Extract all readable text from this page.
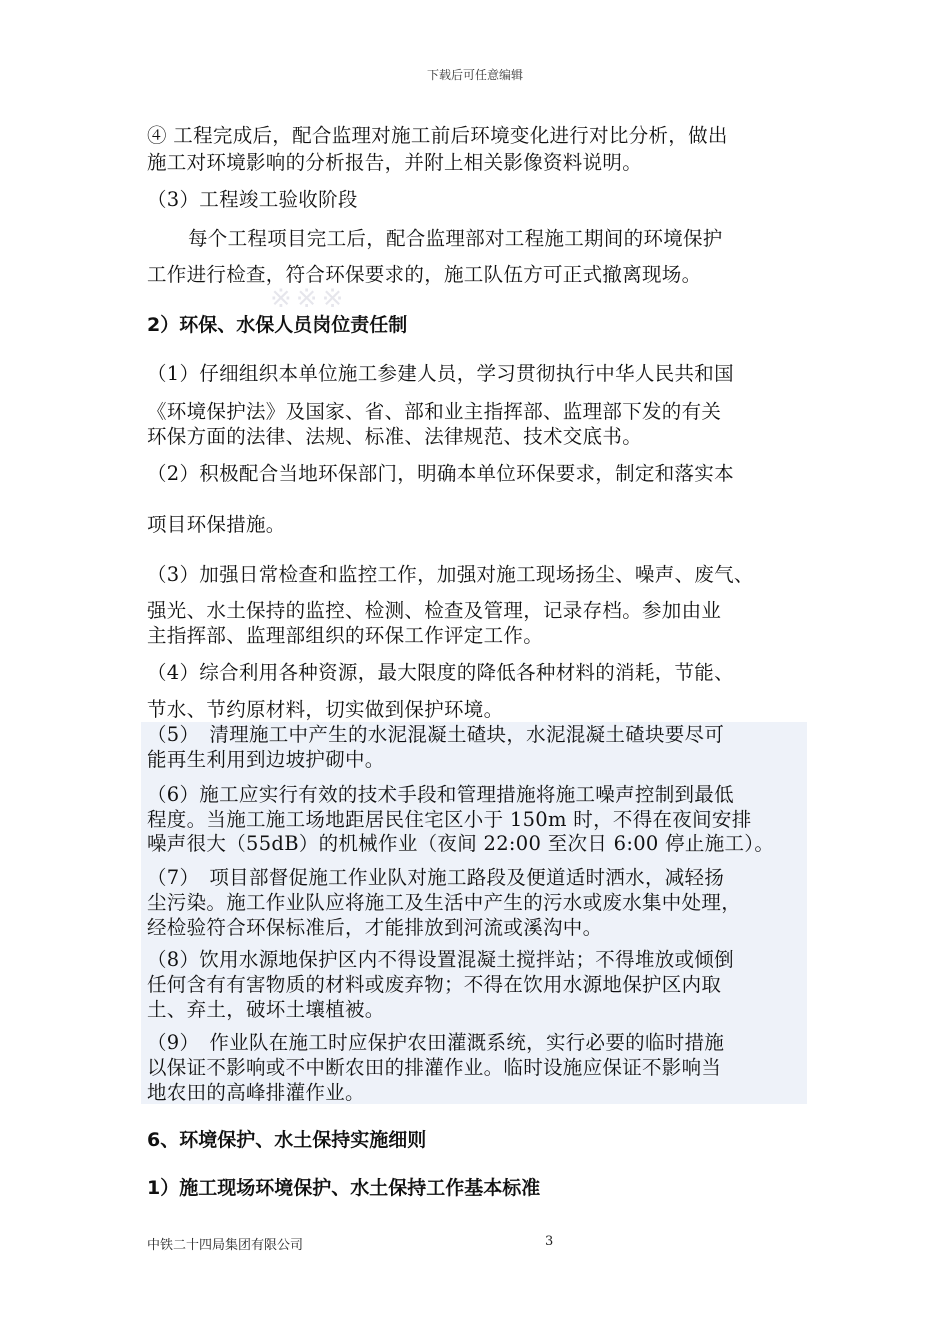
下载后可任意编辑
※※※
④ 工程完成后，配合监理对施工前后环境变化进行对比分析，做出
施工对环境影响的分析报告，并附上相关影像资料说明。
（3）工程竣工验收阶段
每个工程项目完工后，配合监理部对工程施工期间的环境保护
工作进行检查，符合环保要求的，施工队伍方可正式撤离现场。
2）环保、水保人员岗位责任制
（1）仔细组织本单位施工参建人员，学习贯彻执行中华人民共和国
《环境保护法》及国家、省、部和业主指挥部、监理部下发的有关
环保方面的法律、法规、标准、法律规范、技术交底书。
（2）积极配合当地环保部门，明确本单位环保要求，制定和落实本
项目环保措施。
（3）加强日常检查和监控工作，加强对施工现场扬尘、噪声、废气、
强光、水土保持的监控、检测、检查及管理，记录存档。参加由业
主指挥部、监理部组织的环保工作评定工作。
（4）综合利用各种资源，最大限度的降低各种材料的消耗，节能、
节水、节约原材料，切实做到保护环境。
（5）　清理施工中产生的水泥混凝土碴块，水泥混凝土碴块要尽可
能再生利用到边坡护砌中。
（6）施工应实行有效的技术手段和管理措施将施工噪声控制到最低
程度。当施工施工场地距居民住宅区小于 150m 时，不得在夜间安排
噪声很大（55dB）的机械作业（夜间 22:00 至次日 6:00 停止施工）。
（7）　项目部督促施工作业队对施工路段及便道适时洒水，减轻扬
尘污染。施工作业队应将施工及生活中产生的污水或废水集中处理，
经检验符合环保标准后，才能排放到河流或溪沟中。
（8）饮用水源地保护区内不得设置混凝土搅拌站；不得堆放或倾倒
任何含有有害物质的材料或废弃物；不得在饮用水源地保护区内取
土、弃土，破坏土壤植被。
（9）　作业队在施工时应保护农田灌溉系统，实行必要的临时措施
以保证不影响或不中断农田的排灌作业。临时设施应保证不影响当
地农田的高峰排灌作业。
6、环境保护、水土保持实施细则
1）施工现场环境保护、水土保持工作基本标准
中铁二十四局集团有限公司	3
